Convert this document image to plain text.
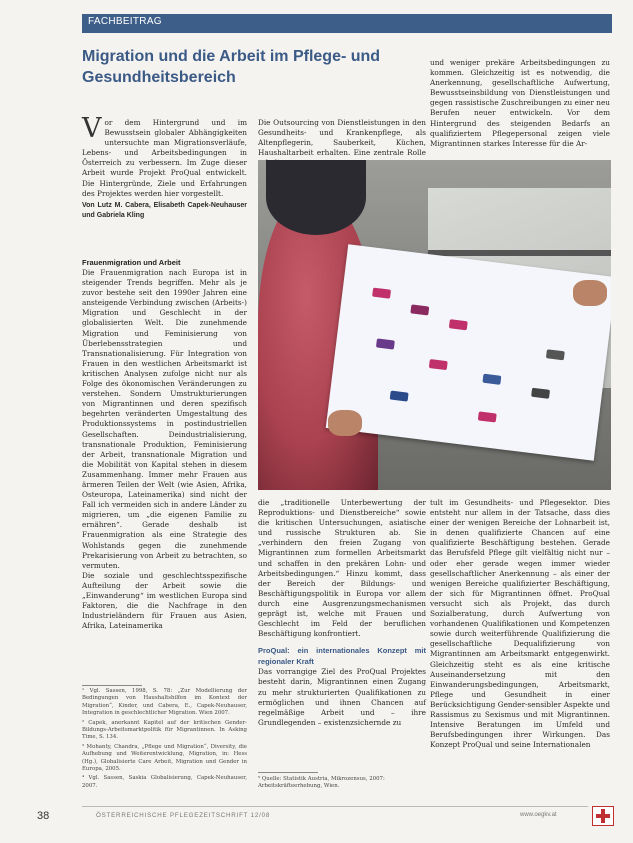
FACHBEITRAG
Migration und die Arbeit im Pflege- und Gesundheitsbereich
V or dem Hintergrund und im Bewusstsein globaler Abhängigkeiten untersuchte man Migrationsverläufe, Lebens- und Arbeitsbedingungen in Österreich zu verbessern. Im Zuge dieser Arbeit wurde Projekt ProQual entwickelt. Die Hintergründe, Ziele und Erfahrungen des Projektes werden hier vorgestellt.
Von Lutz M. Cabera, Elisabeth Capek-Neuhauser und Gabriela Kling
Frauenmigration und Arbeit

Die Frauenmigration nach Europa ist in steigender Trends begriffen. Mehr als je zuvor bestehe seit den 1990er Jahren eine ansteigende Verbindung zwischen (Arbeits-) Migration und Geschlecht in der globalisierten Welt. Die zunehmende Migration und Feminisierung von Überlebensstrategien und Transnationalisierung. Für Integration von Frauen in den westlichen Arbeitsmarkt ist kritischen Analysen zufolge nicht nur als Folge des ökonomischen Veränderungen zu verstehen. Sondern Umstrukturierungen von Migrantinnen und deren spezifisch begehrten veränderten Umgestaltung des Produktionssystems in postindustriellen Gesellschaften. Deindustrialisierung, transnationale Produktion, Feminisierung der Arbeit, transnationale Migration und die Mobilität von Kapital stehen in diesem Zusammenhang. Immer mehr Frauen aus ärmeren Teilen der Welt (wie Asien, Afrika, Osteuropa, Lateinamerika) sind nicht der Fall ich vermeiden sich in andere Länder zu migrieren, um „die eigenen Familie zu ernähren“. Gerade deshalb ist Frauenmigration als eine Strategie des Wohlstands gegen die zunehmende Prekarisierung von Arbeit zu betrachten, so vermuten.
Die soziale und geschlechtsspezifische Aufteilung der Arbeit sowie die „Einwanderung“ im westlichen Europa sind Faktoren, die die Nachfrage in den Industrieländern für Frauen aus Asien, Afrika, Lateinamerika

Die Outsourcing von Dienstleistungen in den Gesundheits- und Krankenpflege, als Altenpflegerin, Sauberkeit, Küchen, Haushaltarbeit erhalten. Eine zentrale Rolle

und weniger prekäre Arbeitsbedingungen zu kommen. Gleichzeitig ist es notwendig, die Anerkennung, gesellschaftliche Aufwertung, Bewusstseinsbildung von Dienstleistungen und gegen rassistische Zuschreibungen zu einer neu Berufen neuer entwickeln. Vor dem Hintergrund des steigenden Bedarfs an qualifiziertem Pflegepersonal zeigen viele Migrantinnen starkes Interesse für die Ar-

die „traditionelle Unterbewertung der Reproduktions- und Dienstbereiche“ sowie die kritischen Untersuchungen, asiatische und russische Strukturen ab. Sie „verhindern den freien Zugang von Migrantinnen zum formellen Arbeitsmarkt und schaffen in den prekären Lohn- und Arbeitsbedingungen.“ Hinzu kommt, dass der Bereich der Bildungs- und Beschäftigungspolitik in Europa vor allem durch eine Ausgrenzungsmechanismen geprägt ist, welche mit Frauen und Geschlecht im Feld der beruflichen Beschäftigung konfrontiert.

ProQual: ein internationales Konzept mit regionaler Kraft

Das vorrangige Ziel des ProQual Projektes besteht darin, Migrantinnen einen Zugang zu mehr strukturierten Qualifikationen zu ermöglichen und ihnen Chancen auf regelmäßige Arbeit und – ihre Grundlegenden – existenzsichernde zu

tult im Gesundheits- und Pflegesektor. Dies entsteht nur allem in der Tatsache, dass dies einer der wenigen Bereiche der Lohnarbeit ist, in denen qualifizierte Chancen auf eine qualifizierte Beschäftigung bestehen. Gerade das Berufsfeld Pflege gilt vielfältig nicht nur – oder eher gerade wegen immer wieder gesellschaftlicher Anerkennung – als einer der wenigen Bereiche qualifizierter Beschäftigung, der sich für Migrantinnen öffnet. ProQual versucht sich als Projekt, das durch Sozialberatung, durch Aufwertung von vorhandenen Qualifikationen und Kompetenzen sowie durch weiterführende Qualifizierung die gesellschaftliche Dequalifizierung von Migrantinnen am Arbeitsmarkt entgegenwirkt. Gleichzeitig steht es als eine kritische Auseinandersetzung mit den Einwanderungsbedingungen, Arbeitsmarkt, Pflege und Gesundheit in einer Berücksichtigung Gender-sensibler Aspekte und Rassismus zu Sexismus und mit Migrantinnen. Intensive Beratungen im Umfeld und Berufsbedingungen ihrer Wirkungen. Das Konzept ProQual und seine Internationalen

¹ Vgl. Sassen, 1998, S. 78: „Zur Modellierung der Bedingungen von Haushaltshilfen im Kontext der Migration“, Kinder, und Cabera, E., Capek-Neuhauser, Integration in geschlechtlicher Migration. Wien 2007.
² Capek, anerkannt Kapitel auf der kritischen Gender-Bildungs-Arbeitsmarktpolitik für Migrantinnen. In Asking Time, S. 134.
³ Mohanty, Chandra, „Pflege und Migration“, Diversity, die Aufhebung und Weiterentwicklung, Migration, in: Hess (Hg.), Globalisierte Care Arbeit, Migration und Gender in Europa, 2005.
⁴ Vgl. Sassen, Saskia Globalisierung, Capek-Neuhauser, 2007.
⁵ Quelle: Statistik Austria, Mikrozensus, 2007: Arbeitskräfteerhebung, Wien.
38	ÖSTERREICHISCHE PFLEGEZEITSCHRIFT 12/08	www.oegkv.at
